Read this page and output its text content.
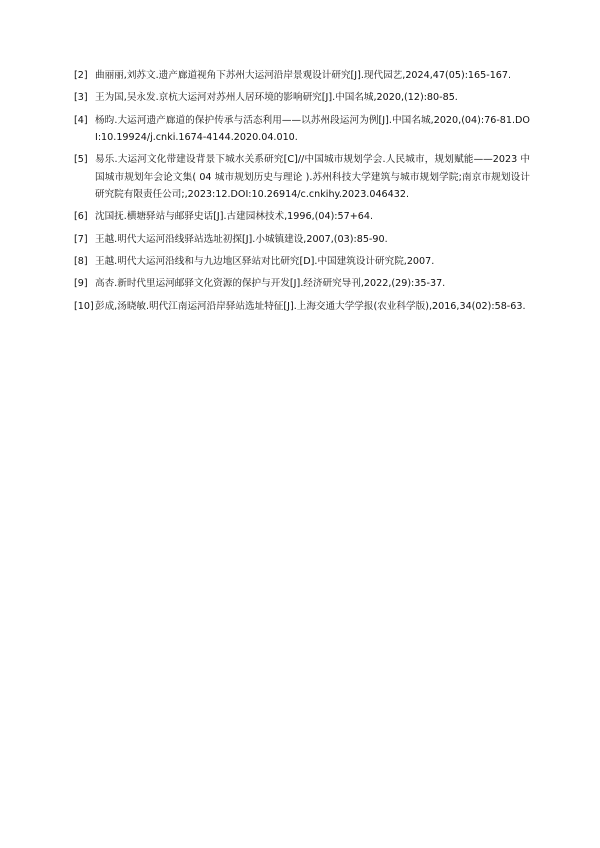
[2] 曲丽丽,刘苏文.遗产廊道视角下苏州大运河沿岸景观设计研究[J].现代园艺,2024,47(05):165-167.
[3] 王为国,吴永发.京杭大运河对苏州人居环境的影响研究[J].中国名城,2020,(12):80-85.
[4] 杨昀.大运河遗产廊道的保护传承与活态利用——以苏州段运河为例[J].中国名城,2020,(04):76-81.DOI:10.19924/j.cnki.1674-4144.2020.04.010.
[5] 易乐.大运河文化带建设背景下城水关系研究[C]//中国城市规划学会.人民城市，规划赋能——2023 中国城市规划年会论文集( 04 城市规划历史与理论 ).苏州科技大学建筑与城市规划学院;南京市规划设计研究院有限责任公司;,2023:12.DOI:10.26914/c.cnkihy.2023.046432.
[6] 沈国抚.横塘驿站与邮驿史话[J].古建园林技术,1996,(04):57+64.
[7] 王越.明代大运河沿线驿站选址初探[J].小城镇建设,2007,(03):85-90.
[8] 王越.明代大运河沿线和与九边地区驿站对比研究[D].中国建筑设计研究院,2007.
[9] 高杏.新时代里运河邮驿文化资源的保护与开发[J].经济研究导刊,2022,(29):35-37.
[10] 彭成,汤晓敏.明代江南运河沿岸驿站选址特征[J].上海交通大学学报(农业科学版),2016,34(02):58-63.
